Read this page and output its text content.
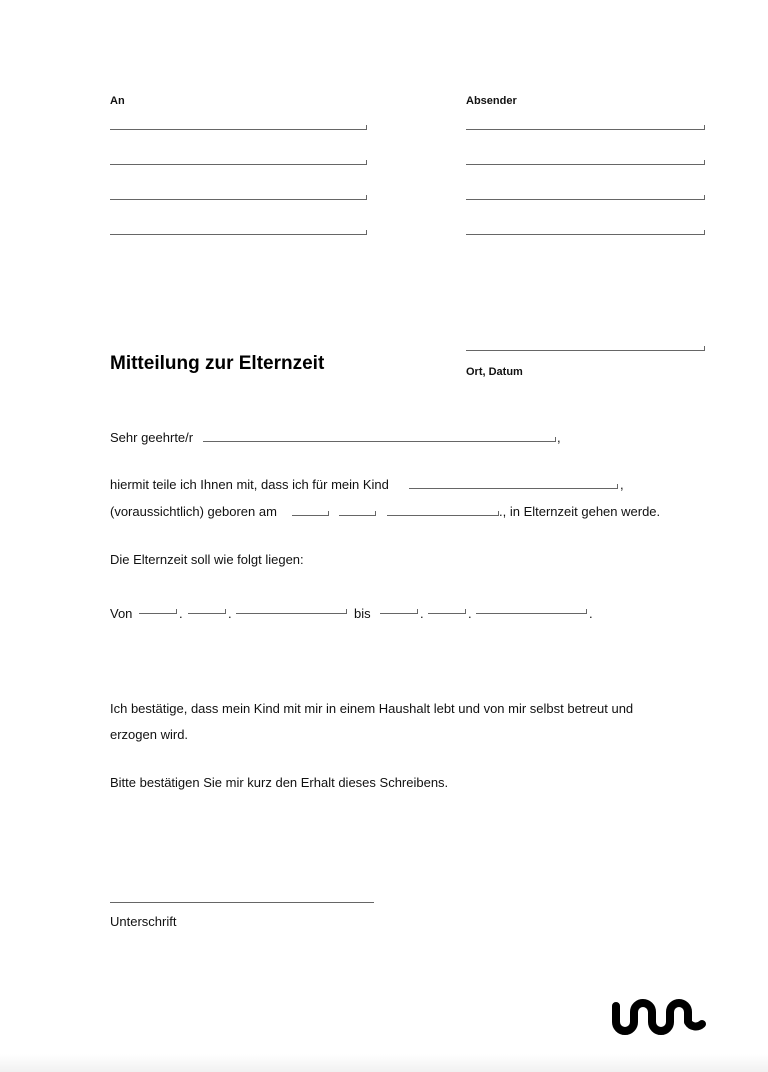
An	Absender
Ort, Datum
Mitteilung zur Elternzeit
Sehr geehrte/r	,
hiermit teile ich Ihnen mit, dass ich für mein Kind	,
(voraussichtlich) geboren am	., in Elternzeit gehen werde.
Die Elternzeit soll wie folgt liegen:
Von	.	.	bis	.	.	.
Ich bestätige, dass mein Kind mit mir in einem Haushalt lebt und von mir selbst betreut und
erzogen wird.
Bitte bestätigen Sie mir kurz den Erhalt dieses Schreibens.
Unterschrift
